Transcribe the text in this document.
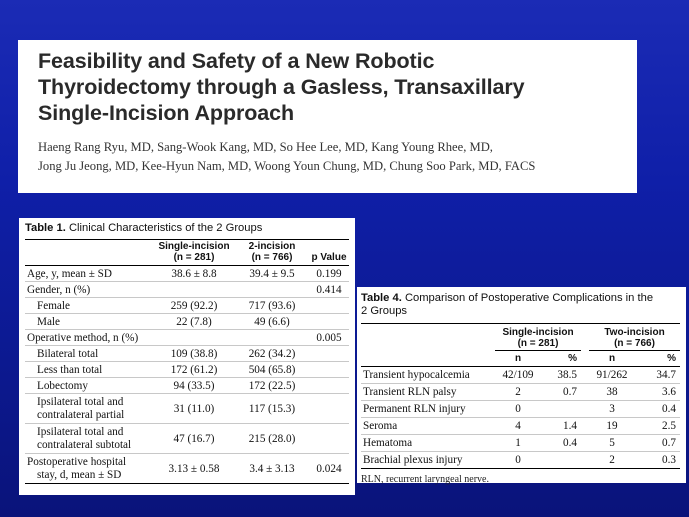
Feasibility and Safety of a New Robotic
Thyroidectomy through a Gasless, Transaxillary
Single-Incision Approach
Haeng Rang Ryu, MD, Sang-Wook Kang, MD, So Hee Lee, MD, Kang Young Rhee, MD,
Jong Ju Jeong, MD, Kee-Hyun Nam, MD, Woong Youn Chung, MD, Chung Soo Park, MD, FACS
Table 1. Clinical Characteristics of the 2 Groups
	Single-incision
(n = 281)	2-incision
(n = 766)	p Value
Age, y, mean ± SD	38.6 ± 8.8	39.4 ± 9.5	0.199
Gender, n (%)			0.414
Female	259 (92.2)	717 (93.6)	
Male	22 (7.8)	49 (6.6)	
Operative method, n (%)			0.005
Bilateral total	109 (38.8)	262 (34.2)	
Less than total	172 (61.2)	504 (65.8)	
Lobectomy	94 (33.5)	172 (22.5)	
Ipsilateral total and
contralateral partial	31 (11.0)	117 (15.3)	
Ipsilateral total and
contralateral subtotal	47 (16.7)	215 (28.0)	
Postoperative hospital
stay, d, mean ± SD	3.13 ± 0.58	3.4 ± 3.13	0.024
Table 4. Comparison of Postoperative Complications in the
2 Groups
	Single-incision
(n = 281)			Two-incision
(n = 766)	
	n	%		n	%
Transient hypocalcemia	42/109	38.5		91/262	34.7
Transient RLN palsy	2	0.7		38	3.6
Permanent RLN injury	0			3	0.4
Seroma	4	1.4		19	2.5
Hematoma	1	0.4		5	0.7
Brachial plexus injury	0			2	0.3
RLN, recurrent laryngeal nerve.
